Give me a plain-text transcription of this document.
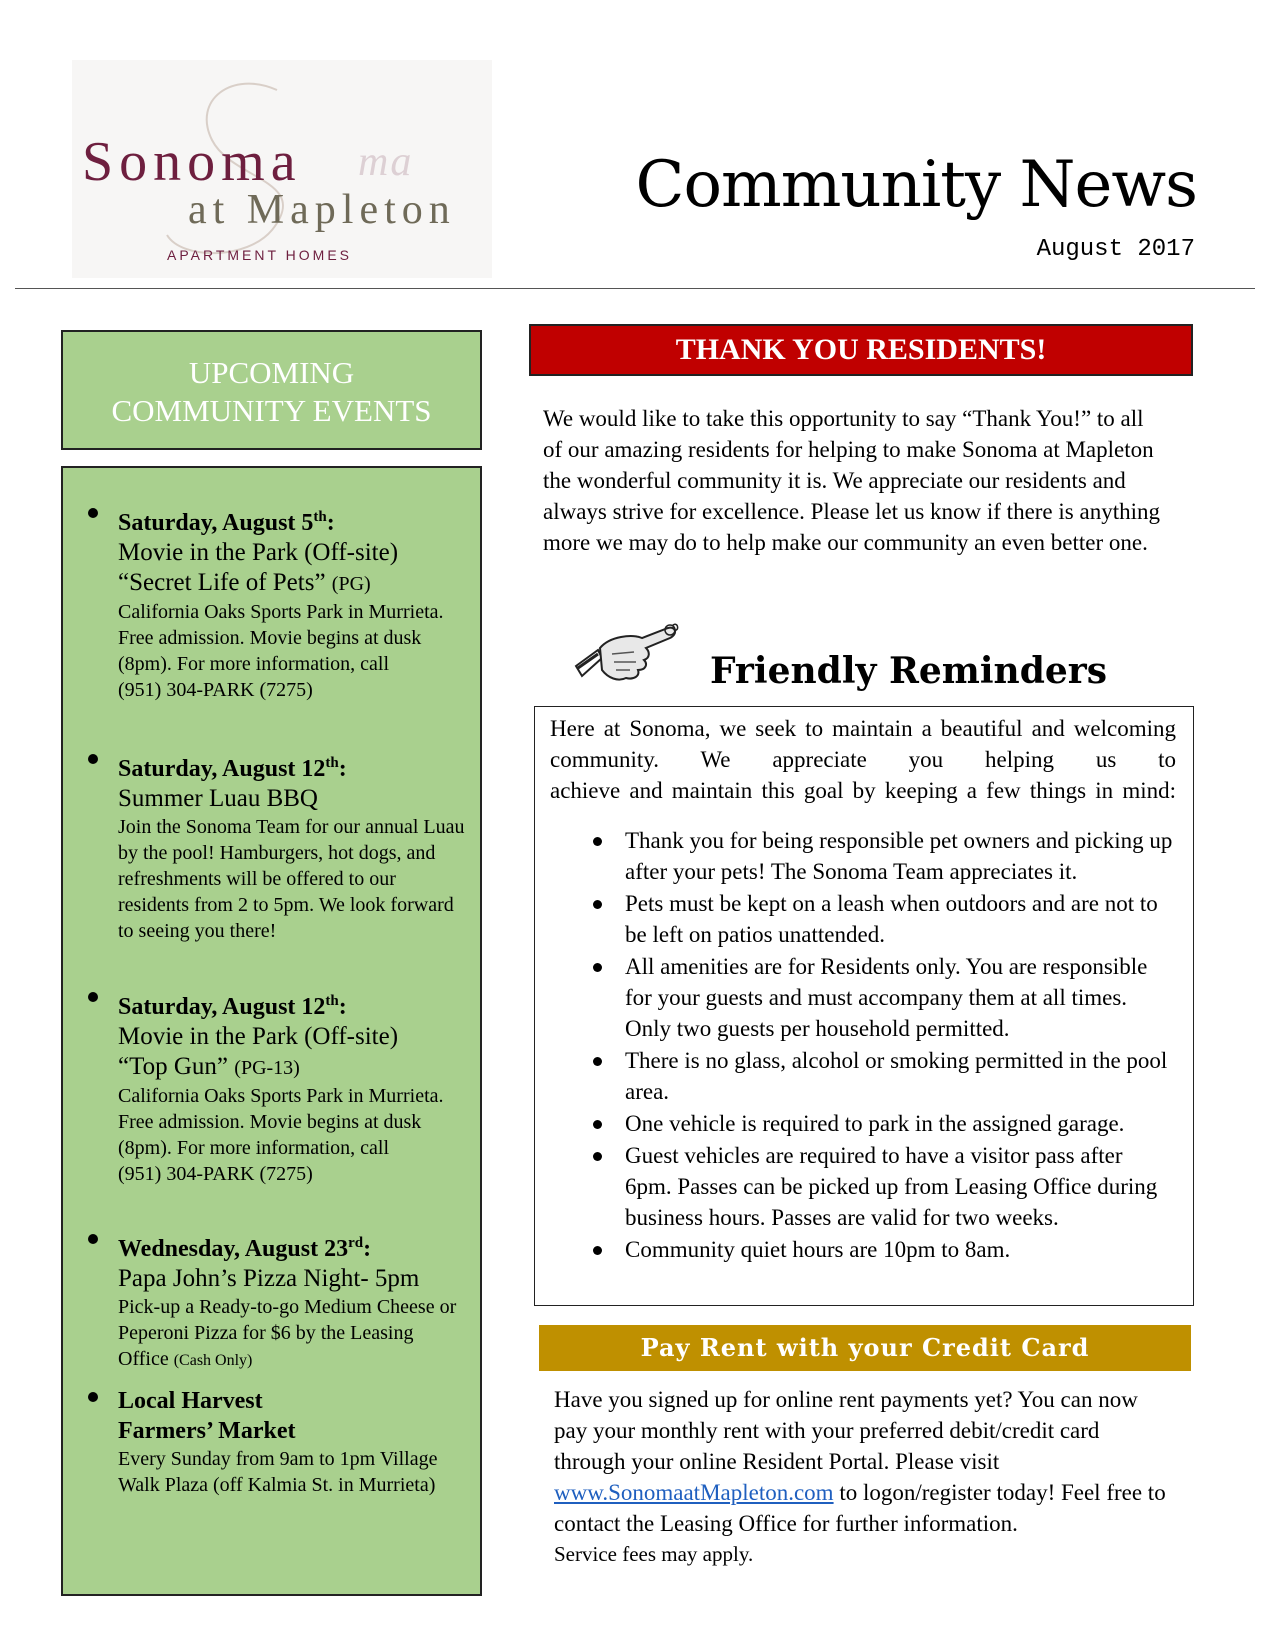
Sonoma ma
at Mapleton
APARTMENT HOMES
Community News
August 2017
UPCOMING
COMMUNITY EVENTS
Saturday, August 5th:
Movie in the Park (Off-site)
“Secret Life of Pets” (PG)
California Oaks Sports Park in Murrieta. Free admission. Movie begins at dusk (8pm). For more information, call
(951) 304-PARK (7275)
Saturday, August 12th:
Summer Luau BBQ
Join the Sonoma Team for our annual Luau by the pool! Hamburgers, hot dogs, and refreshments will be offered to our residents from 2 to 5pm. We look forward to seeing you there!
Saturday, August 12th:
Movie in the Park (Off-site)
“Top Gun” (PG-13)
California Oaks Sports Park in Murrieta. Free admission. Movie begins at dusk (8pm). For more information, call
(951) 304-PARK (7275)
Wednesday, August 23rd:
Papa John’s Pizza Night- 5pm
Pick-up a Ready-to-go Medium Cheese or Peperoni Pizza for $6 by the Leasing Office (Cash Only)
Local Harvest
Farmers’ Market
Every Sunday from 9am to 1pm Village Walk Plaza (off Kalmia St. in Murrieta)
THANK YOU RESIDENTS!
We would like to take this opportunity to say “Thank You!” to all of our amazing residents for helping to make Sonoma at Mapleton the wonderful community it is. We appreciate our residents and always strive for excellence. Please let us know if there is anything more we may do to help make our community an even better one.
Friendly Reminders
Here at Sonoma, we seek to maintain a beautiful and welcoming community. We appreciate you helping us to
achieve and maintain this goal by keeping a few things in mind:
Thank you for being responsible pet owners and picking up after your pets! The Sonoma Team appreciates it.
Pets must be kept on a leash when outdoors and are not to be left on patios unattended.
All amenities are for Residents only. You are responsible for your guests and must accompany them at all times. Only two guests per household permitted.
There is no glass, alcohol or smoking permitted in the pool area.
One vehicle is required to park in the assigned garage.
Guest vehicles are required to have a visitor pass after 6pm. Passes can be picked up from Leasing Office during business hours. Passes are valid for two weeks.
Community quiet hours are 10pm to 8am.
Pay Rent with your Credit Card
Have you signed up for online rent payments yet? You can now pay your monthly rent with your preferred debit/credit card through your online Resident Portal. Please visit www.SonomaatMapleton.com to logon/register today! Feel free to contact the Leasing Office for further information.
Service fees may apply.
